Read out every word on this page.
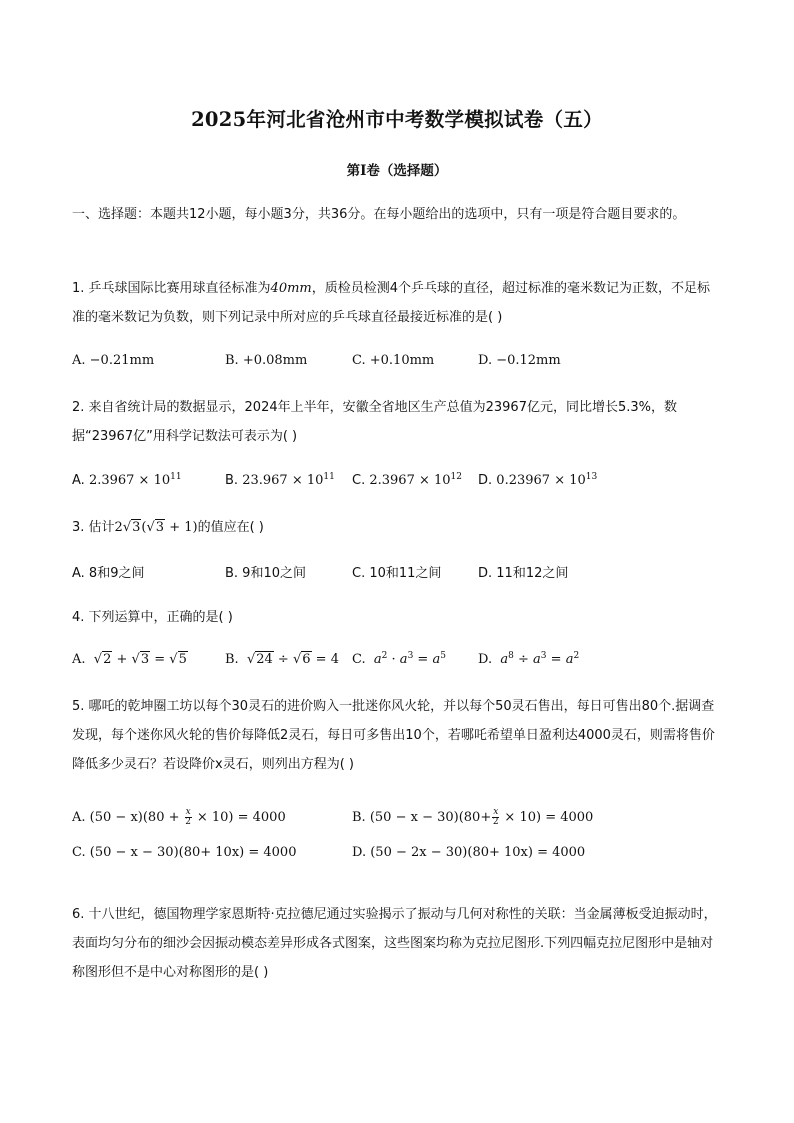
2025年河北省沧州市中考数学模拟试卷（五）
第I卷（选择题）
一、选择题：本题共12小题，每小题3分，共36分。在每小题给出的选项中，只有一项是符合题目要求的。
1. 乒乓球国际比赛用球直径标准为40mm，质检员检测4个乒乓球的直径，超过标准的毫米数记为正数，不足标准的毫米数记为负数，则下列记录中所对应的乒乓球直径最接近标准的是( )
A. −0.21mm	B. +0.08mm	C. +0.10mm	D. −0.12mm
2. 来自省统计局的数据显示，2024年上半年，安徽全省地区生产总值为23967亿元，同比增长5.3%，数据“23967亿”用科学记数法可表示为( )
A. $2.3967 \times 10^{11}$	B. $23.967 \times 10^{11}$ C. $2.3967 \times 10^{12}$ D. $0.23967 \times 10^{13}$
3. 估计2√3(√3 + 1)的值应在( )
A. 8和9之间	B. 9和10之间	C. 10和11之间	D. 11和12之间
4. 下列运算中，正确的是( )
A.  √2 + √3 = √5	B.  √24 ÷ √6 = 4 C. $a^2 \cdot a^3 = a^5$ D. $a^8 \div a^3 = a^2$
5. 哪吒的乾坤圈工坊以每个30灵石的进价购入一批迷你风火轮，并以每个50灵石售出，每日可售出80个.据调查发现，每个迷你风火轮的售价每降低2灵石，每日可多售出10个，若哪吒希望单日盈利达4000灵石，则需将售价降低多少灵石？若设降价x灵石，则列出方程为( )
A. $(50 - x)(80 + \frac{x}{2} \times 10) = 4000$	B. $(50 - x - 30)(80+ \frac{x}{2} \times 10) = 4000$
C. (50 − x − 30)(80+ 10x) = 4000	D. (50 − 2x − 30)(80+ 10x) = 4000
6. 十八世纪，德国物理学家恩斯特·克拉德尼通过实验揭示了振动与几何对称性的关联：当金属薄板受迫振动时，表面均匀分布的细沙会因振动模态差异形成各式图案，这些图案均称为克拉尼图形.下列四幅克拉尼图形中是轴对称图形但不是中心对称图形的是( )
